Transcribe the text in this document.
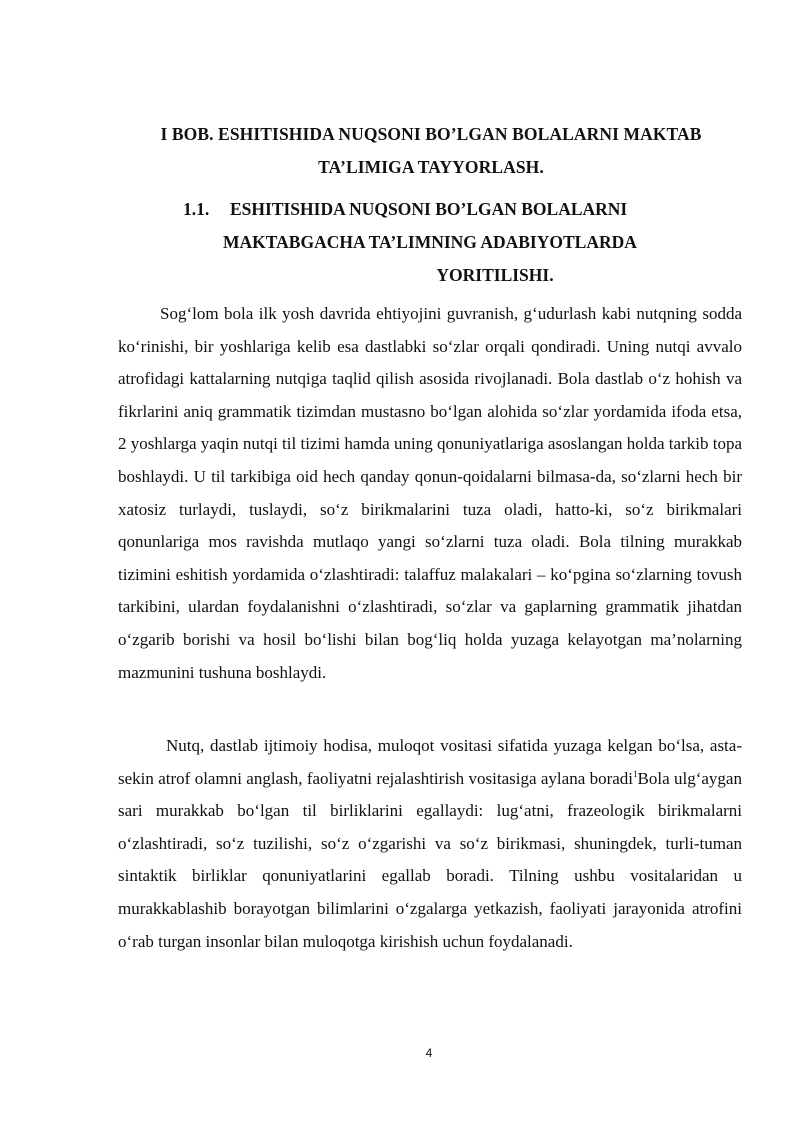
I BOB. ESHITISHIDA NUQSONI BO’LGAN BOLALARNI MAKTAB
TA’LIMIGA TAYYORLASH.
1.1. ESHITISHIDA NUQSONI BO’LGAN BOLALARNI
MAKTABGACHA TA’LIMNING ADABIYOTLARDA
YORITILISHI.

Sog‘lom bola ilk yosh davrida ehtiyojini guvranish, g‘udurlash kabi nutqning sodda ko‘rinishi, bir yoshlariga kelib esa dastlabki so‘zlar orqali qondiradi. Uning nutqi avvalo atrofidagi kattalarning nutqiga taqlid qilish asosida rivojlanadi. Bola dastlab o‘z hohish va fikrlarini aniq grammatik tizimdan mustasno bo‘lgan alohida so‘zlar yordamida ifoda etsa, 2 yoshlarga yaqin nutqi til tizimi hamda uning qonuniyatlariga asoslangan holda tarkib topa boshlaydi. U til tarkibiga oid hech qanday qonun-qoidalarni bilmasa-da, so‘zlarni hech bir xatosiz turlaydi, tuslaydi, so‘z birikmalarini tuza oladi, hatto-ki, so‘z birikmalari qonunlariga mos ravishda mutlaqo yangi so‘zlarni tuza oladi. Bola tilning murakkab tizimini eshitish yordamida o‘zlashtiradi: talaffuz malakalari – ko‘pgina so‘zlarning tovush tarkibini, ulardan foydalanishni o‘zlashtiradi, so‘zlar va gaplarning grammatik jihatdan o‘zgarib borishi va hosil bo‘lishi bilan bog‘liq holda yuzaga kelayotgan ma’nolarning mazmunini tushuna boshlaydi.

Nutq, dastlab ijtimoiy hodisa, muloqot vositasi sifatida yuzaga kelgan bo‘lsa, asta-sekin atrof olamni anglash, faoliyatni rejalashtirish vositasiga aylana boradi$^1$Bola ulg‘aygan sari murakkab bo‘lgan til birliklarini egallaydi: lug‘atni, frazeologik birikmalarni o‘zlashtiradi, so‘z tuzilishi, so‘z o‘zgarishi va so‘z birikmasi, shuningdek, turli-tuman sintaktik birliklar qonuniyatlarini egallab boradi. Tilning ushbu vositalaridan u murakkablashib borayotgan bilimlarini o‘zgalarga yetkazish, faoliyati jarayonida atrofini o‘rab turgan insonlar bilan muloqotga kirishish uchun foydalanadi.

4
